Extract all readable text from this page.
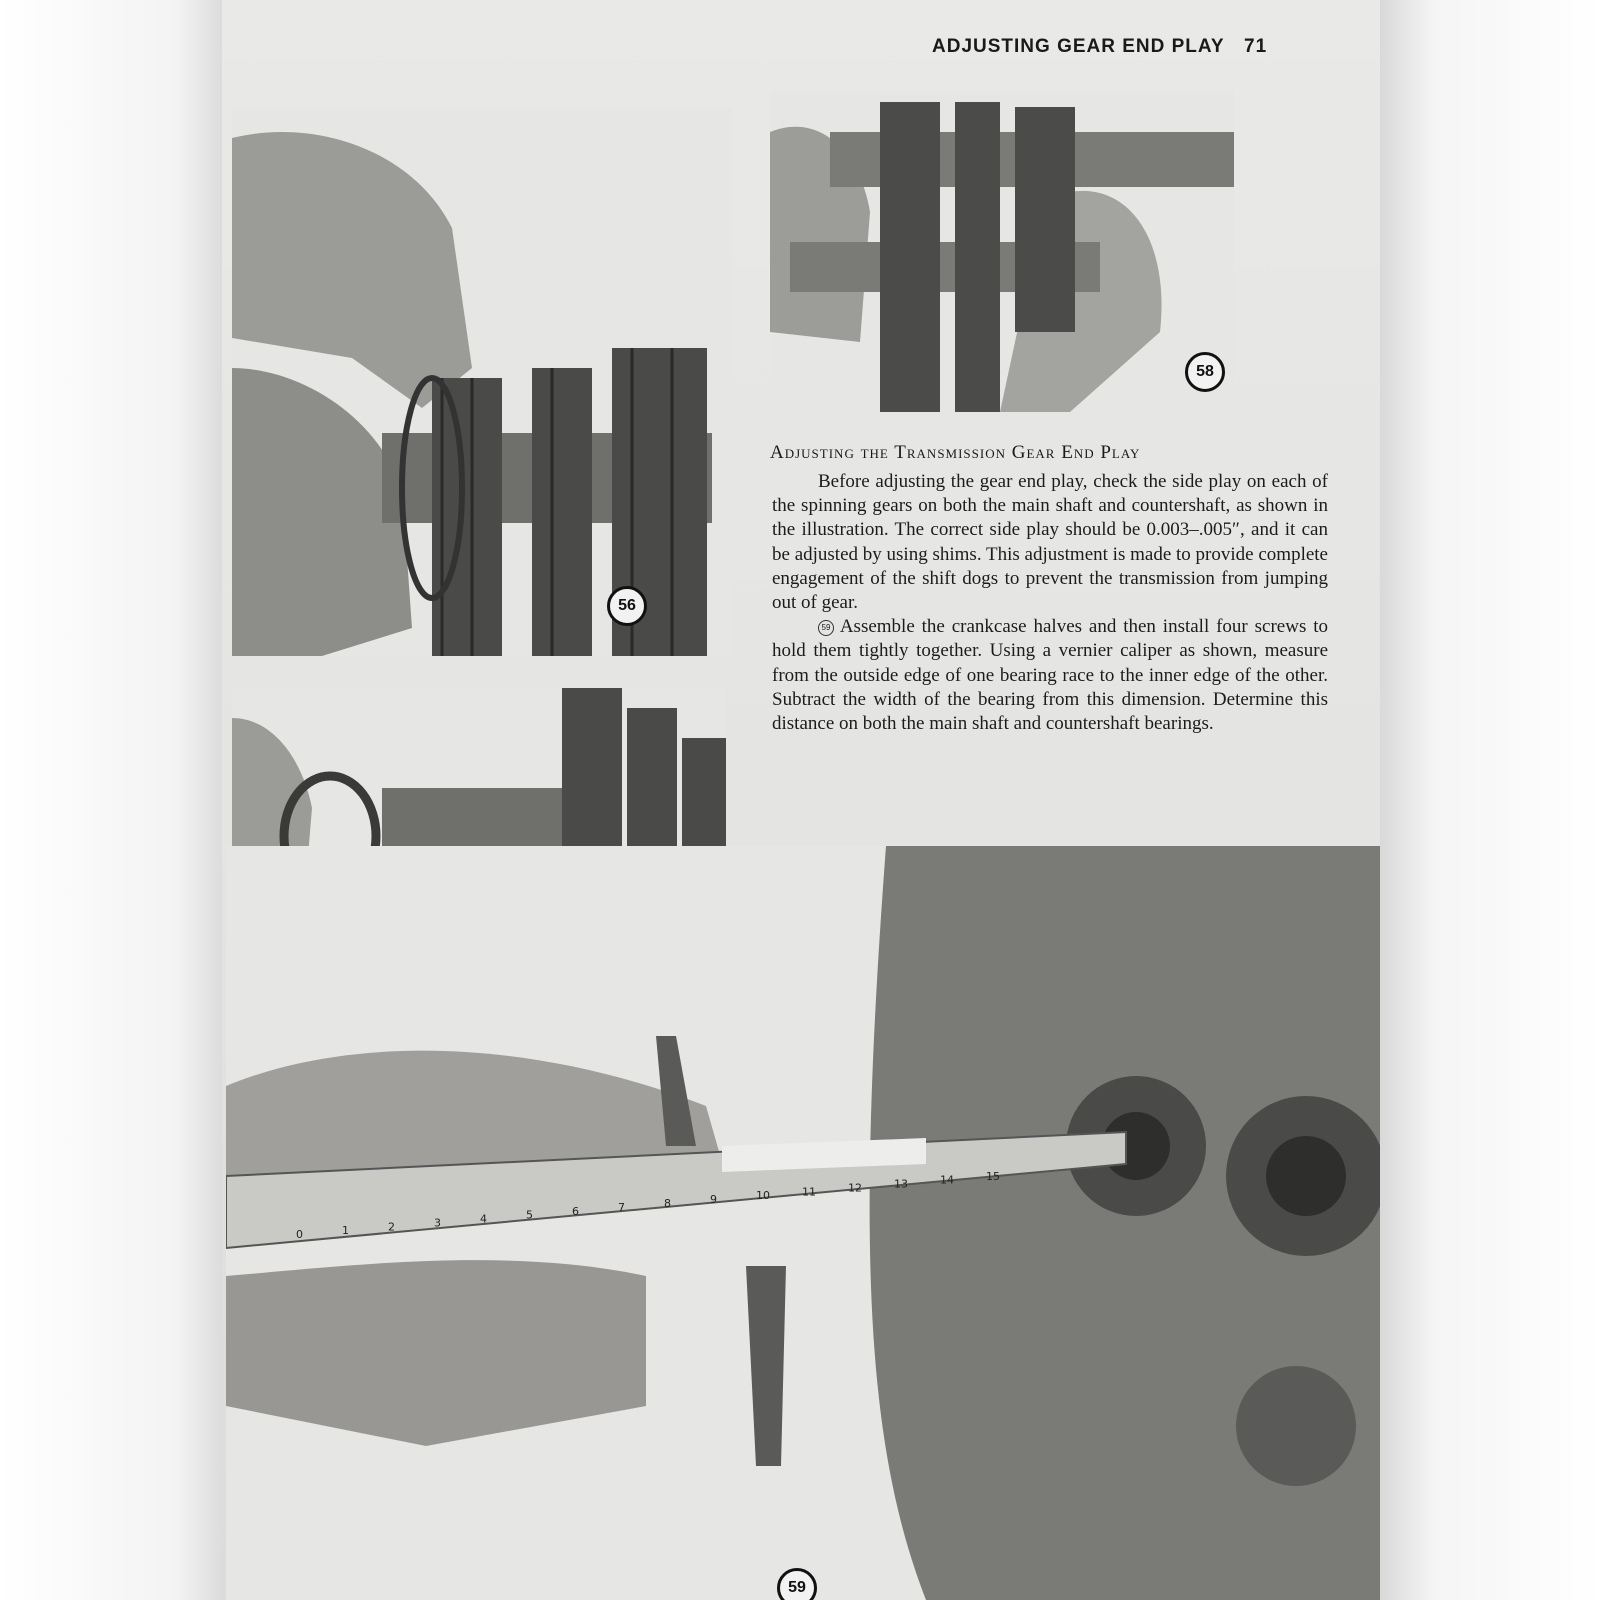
ADJUSTING GEAR END PLAY 71
56
58
Adjusting the Transmission Gear End Play

Before adjusting the gear end play, check the side play on each of the spinning gears on both the main shaft and countershaft, as shown in the illustration. The correct side play should be 0.003–.005″, and it can be adjusted by using shims. This adjustment is made to provide complete engagement of the shift dogs to prevent the transmission from jumping out of gear.

59 Assemble the crankcase halves and then install four screws to hold them tightly together. Using a vernier caliper as shown, measure from the outside edge of one bearing race to the inner edge of the other. Subtract the width of the bearing from this dimension. Determine this distance on both the main shaft and countershaft bearings.

0	1	2	3	4	5	6	7	8	9	10	11	12	13	14	15
59
